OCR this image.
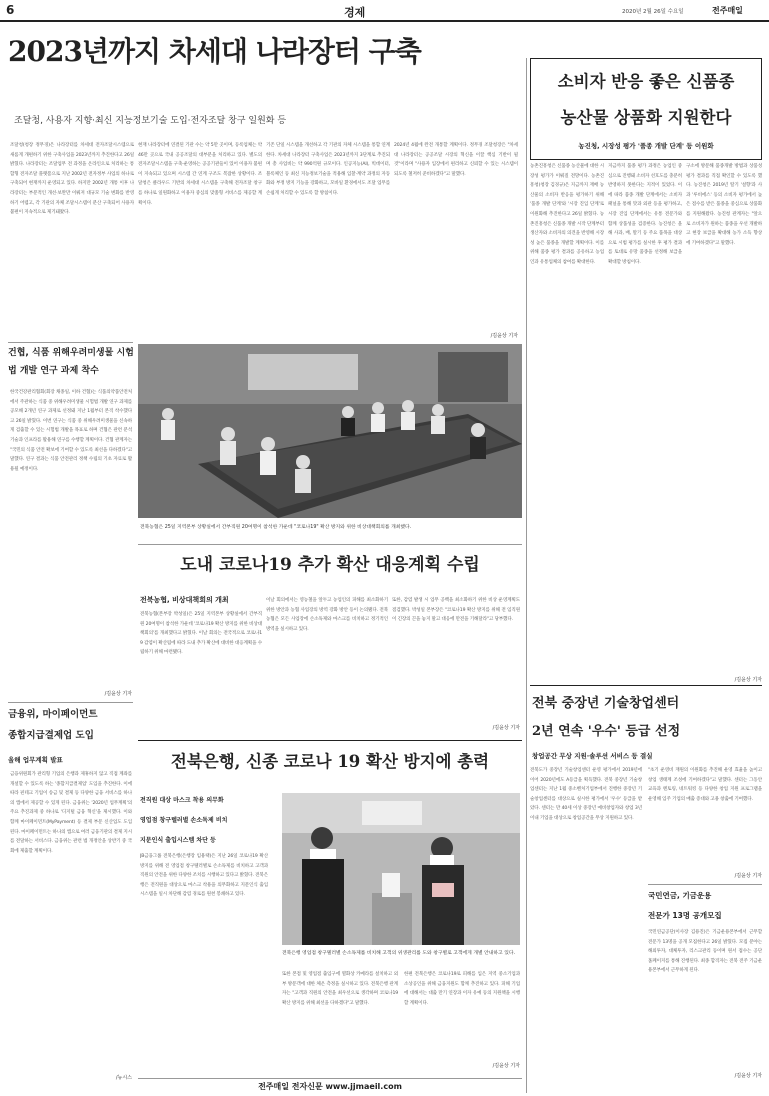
6	경제	2020년 2월 26일 수요일	전주매일
2023년까지 차세대 나라장터 구축
조달청, 사용자 지향·최신 지능정보기술 도입·전자조달 창구 일원화 등
조달청(청장 정무경)은 나라장터를 차세대 전자조달시스템으로 새롭게 개편하기 위한 구축사업을 2023년까지 추진한다고 26일 밝혔다. 나라장터는 조달업무 전 과정을 온라인으로 처리하는 통합형 전자조달 플랫폼으로 지난 2002년 전자정부 사업의 하나로 구축되어 현재까지 운영되고 있다. 하지만 2002년 개통 이후 나라장터는 부분적인 개선·보완만 이뤄져 대규모 기술 변화를 반영하기 어렵고, 각 기관의 자체 조달시스템이 분산 구축되어 사용자 불편이 지속적으로 제기돼왔다.
현재 나라장터에 연결된 기관 수는 약 5만 곳이며, 등록업체는 약 46만 곳으로 국내 공공조달의 대부분을 처리하고 있다. 별도의 전자조달시스템을 구축·운영하는 공공기관들이 있어 이용자 불편이 지속되고 있으며 시스템 간 연계 구조도 복잡한 상황이다. 조달청은 클라우드 기반의 차세대 시스템을 구축해 전자조달 창구를 하나로 일원화하고 이용자 중심의 맞춤형 서비스를 제공할 계획이다.
기존 단일 시스템을 개선하고 각 기관의 자체 시스템을 통합 연계한다. 차세대 나라장터 구축사업은 2023년까지 3단계로 추진되며 총 사업비는 약 990억원 규모이다. 인공지능(AI), 빅데이터, 블록체인 등 최신 지능정보기술을 적용해 입찰·계약 과정의 자동화와 부정 방지 기능을 강화하고, 모바일 환경에서도 조달 업무를 손쉽게 처리할 수 있도록 할 방침이다.
2024년 4월에 완전 개통할 계획이다. 정무경 조달청장은 "차세대 나라장터는 공공조달 시장의 혁신을 이끌 핵심 기반이 될 것"이라며 "사용자 입장에서 편리하고 신뢰할 수 있는 시스템이 되도록 철저히 준비하겠다"고 말했다.
/김윤상 기자
건협, 식품 위해우려미생물 시험법 개발 연구 과제 착수
한국건강관리협회(회장 채종일, 이하 건협)는 식품의약품안전처에서 주관하는 식품 중 위해우려미생물 시험법 개발 연구 과제를 공모해 2개년 연구 과제로 선정돼 지난 1월부터 본격 착수했다고 26일 밝혔다. 이번 연구는 식품 중 위해우려미생물을 신속하게 검출할 수 있는 시험법 개발을 목표로 하며 건협은 관련 분석기술과 인프라를 활용해 연구를 수행할 계획이다. 건협 관계자는 "국민의 식품 안전 확보에 기여할 수 있도록 최선을 다하겠다"고 말했다. 연구 결과는 식품 안전관리 정책 수립의 기초 자료로 활용될 예정이다.
/김윤상 기자
전북농협은 25일 지역본부 상황실에서 간부직원 20여명이 참석한 가운데 "코로나19" 확산 방지와 위한 비상대책회의를 개최했다.
도내 코로나19 추가 확산 대응계획 수립
전북농협, 비상대책회의 개최
전북농협(본부장 박성일)은 25일 지역본부 상황실에서 간부직원 20여명이 참석한 가운데 '코로나19 확산 방지를 위한 비상대책회의'를 개최했다고 밝혔다. 이날 회의는 전국적으로 코로나19 감염이 확산됨에 따라 도내 추가 확산에 대비한 대응계획을 수립하기 위해 마련됐다.
이날 회의에서는 영농철을 앞두고 농업인의 피해를 최소화하기 위한 방안과 농협 사업장의 방역 강화 방안 등이 논의됐다. 전북농협은 모든 사업장에 손소독제와 마스크를 비치하고 정기적인 방역을 실시하고 있다.
또한, 감염 발생 시 업무 공백을 최소화하기 위한 비상 운영계획도 점검했다. 박성일 본부장은 "코로나19 확산 방지를 위해 전 임직원이 긴장의 끈을 놓지 말고 대응에 만전을 기해달라"고 당부했다.
/김윤상 기자
금융위, 마이페이먼트
종합지급결제업 도입
올해 업무계획 발표
금융위원회가 관리형 기업의 은행과 제휴하지 않고 직접 계좌를 개설할 수 있도록 하는 '종합지급결제업' 도입을 추진한다. 이에 따라 핀테크 기업이 송금 및 결제 등 다양한 금융 서비스를 하나의 앱에서 제공할 수 있게 된다. 금융위는 '2020년 업무계획'의 주요 추진과제 중 하나로 '디지털 금융 혁신'을 제시했다. 이와 함께 마이페이먼트(MyPayment) 등 결제 부문 신산업도 도입된다. 마이페이먼트는 하나의 앱으로 여러 금융기관의 결제 지시를 전달하는 서비스다. 금융위는 관련 법 개정안을 상반기 중 국회에 제출할 계획이다.
/뉴시스
전북은행, 신종 코로나 19 확산 방지에 총력
전직원 대상 마스크 착용 의무화
영업점 창구텔러별 손소독제 비치
지문인식 출입시스템 차단 등
JB금융그룹 전북은행(은행장 임용택)은 지난 26일 코로나19 확산 방지를 위해 전 영업점 창구텔러별로 손소독제를 비치하고 고객과 직원의 안전을 위한 다양한 조치를 시행하고 있다고 밝혔다. 전북은행은 전직원을 대상으로 마스크 착용을 의무화하고 지문인식 출입시스템을 일시 차단해 감염 경로를 원천 봉쇄하고 있다.
전북은행 영업점 창구텔러별 손소독제를 비치해 고객의 위생관리를 도와 창구별로 고객에게 개별 안내하고 있다.
또한 본점 및 영업점 출입구에 열화상 카메라를 설치하고 외부 방문객에 대한 체온 측정을 실시하고 있다. 전북은행 관계자는 "고객과 직원의 안전을 최우선으로 생각하며 코로나19 확산 방지를 위해 최선을 다하겠다"고 말했다.
한편 전북은행은 코로나19로 피해를 입은 지역 중소기업과 소상공인을 위해 금융지원도 함께 추진하고 있다. 피해 기업에 대해서는 대출 만기 연장과 이자 유예 등의 지원책을 시행할 계획이다.
/김윤상 기자
소비자 반응 좋은 신품종
농산물 상품화 지원한다
농진청, 시장성 평가 '품종 개발 단계' 등 이원화
농촌진흥청은 신품종 농산물에 대한 시장성 평가가 이뤄질 전망이다. 농촌진흥청(청장 김경규)은 지금까지 재배 농산물의 소비자 반응을 평가하기 위해 '품종 개발 단계'와 '시장 진입 단계'로 이원화해 추진한다고 26일 밝혔다. 농촌진흥청은 신품종 개발 시작 단계부터 생산자와 소비자의 의견을 반영해 시장성 높은 품종을 개발할 계획이다. 이를 위해 품종 평가 결과를 공유하고 농업인과 유통업체의 참여를 확대한다.
지금까지 품종 평가 과정은 농업인 중심으로 진행돼 소비자 선호도를 충분히 반영하지 못한다는 지적이 있었다. 이에 따라 품종 개발 단계에서는 소비자 패널을 통해 맛과 외관 등을 평가하고, 시장 진입 단계에서는 유통 전문가와 함께 상품성을 검증한다. 농진청은 올해 사과, 배, 딸기 등 주요 품목을 대상으로 시범 평가를 실시한 후 평가 결과를 토대로 유망 품종을 선정해 보급을 확대할 방침이다.
구소에 방문해 품종개발 방법과 상품성 평가 결과를 직접 확인할 수 있도록 했다. 농진청은 2019년 딸기 '설향'과 사과 '루비에스' 등의 소비자 평가에서 높은 점수를 받은 품종을 중심으로 상품화를 지원해왔다. 농진청 관계자는 "앞으로 소비자가 원하는 품종을 우선 개발하고 현장 보급을 확대해 농가 소득 향상에 기여하겠다"고 말했다.
/김윤상 기자
전북 중장년 기술창업센터
2년 연속 '우수' 등급 선정
창업공간 무상 지원·솔루션 서비스 등 결실
전북도가 중장년 기술창업센터 운영 평가에서 2019년에 이어 2020년에도 A등급을 획득했다. 전북 중장년 기술창업센터는 지난 1월 중소벤처기업부에서 진행한 중장년 기술창업센터를 대상으로 실시한 평가에서 '우수' 등급을 받았다. 센터는 만 40세 이상 중장년 예비창업자와 창업 3년 이내 기업을 대상으로 창업공간을 무상 지원하고 있다.
"초기 운영비 재원의 이원화를 추진해 운영 효율을 높이고 창업 생태계 조성에 기여하겠다"고 말했다. 센터는 그동안 교육과 멘토링, 네트워킹 등 다양한 창업 지원 프로그램을 운영해 입주 기업의 매출 증대와 고용 창출에 기여했다.
/김윤상 기자
국민연금, 기금운용
전문가 13명 공개모집
국민연금공단(이사장 김용진)은 기금운용본부에서 근무할 전문가 13명을 공개 모집한다고 26일 밝혔다. 모집 분야는 해외투자, 대체투자, 리스크관리 등이며 원서 접수는 공단 홈페이지를 통해 진행된다. 최종 합격자는 전북 전주 기금운용본부에서 근무하게 된다.
/김윤상 기자
전주매일 전자신문 www.jjmaeil.com
